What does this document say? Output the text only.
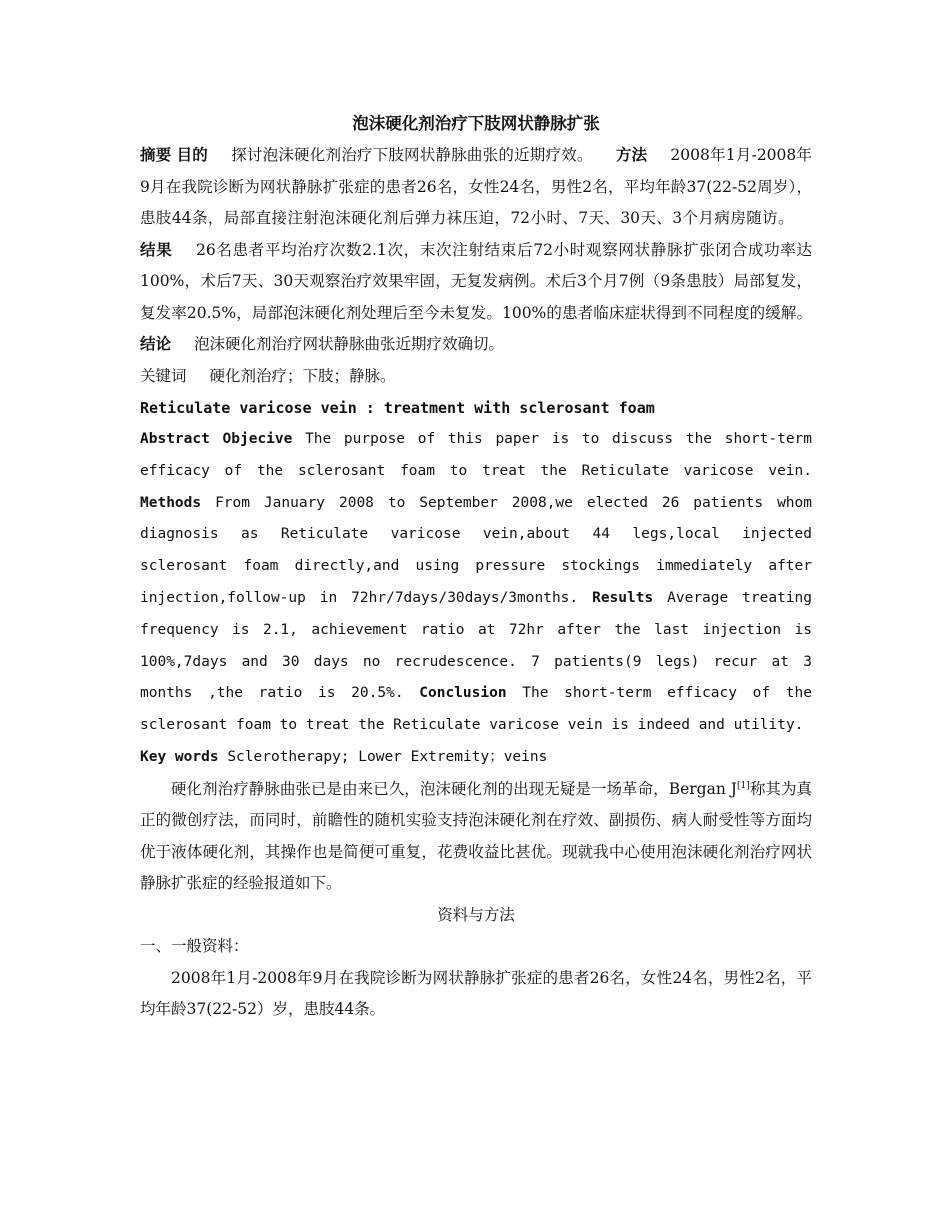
泡沫硬化剂治疗下肢网状静脉扩张
摘要 目的 探讨泡沫硬化剂治疗下肢网状静脉曲张的近期疗效。 方法 2008年1月-2008年9月在我院诊断为网状静脉扩张症的患者26名，女性24名，男性2名，平均年龄37(22-52周岁），患肢44条，局部直接注射泡沫硬化剂后弹力袜压迫，72小时、7天、30天、3个月病房随访。 结果 26名患者平均治疗次数2.1次，末次注射结束后72小时观察网状静脉扩张闭合成功率达100%，术后7天、30天观察治疗效果牢固，无复发病例。术后3个月7例（9条患肢）局部复发，复发率20.5%，局部泡沫硬化剂处理后至今未复发。100%的患者临床症状得到不同程度的缓解。 结论 泡沫硬化剂治疗网状静脉曲张近期疗效确切。
关键词 硬化剂治疗；下肢；静脉。
Reticulate varicose vein : treatment with sclerosant foam
Abstract Objecive The purpose of this paper is to discuss the short-term efficacy of the sclerosant foam to treat the Reticulate varicose vein. Methods From January 2008 to September 2008,we elected 26 patients whom diagnosis as Reticulate varicose vein,about 44 legs,local injected sclerosant foam directly,and using pressure stockings immediately after injection,follow-up in 72hr/7days/30days/3months. Results Average treating frequency is 2.1, achievement ratio at 72hr after the last injection is 100%,7days and 30 days no recrudescence. 7 patients(9 legs) recur at 3 months ,the ratio is 20.5%. Conclusion The short-term efficacy of the sclerosant foam to treat the Reticulate varicose vein is indeed and utility.
Key words Sclerotherapy; Lower Extremity；veins
硬化剂治疗静脉曲张已是由来已久，泡沫硬化剂的出现无疑是一场革命，Bergan J[1]称其为真正的微创疗法，而同时，前瞻性的随机实验支持泡沫硬化剂在疗效、副损伤、病人耐受性等方面均优于液体硬化剂，其操作也是简便可重复，花费收益比甚优。现就我中心使用泡沫硬化剂治疗网状静脉扩张症的经验报道如下。
资料与方法
一、一般资料：
2008年1月-2008年9月在我院诊断为网状静脉扩张症的患者26名，女性24名，男性2名，平均年龄37(22-52）岁，患肢44条。
